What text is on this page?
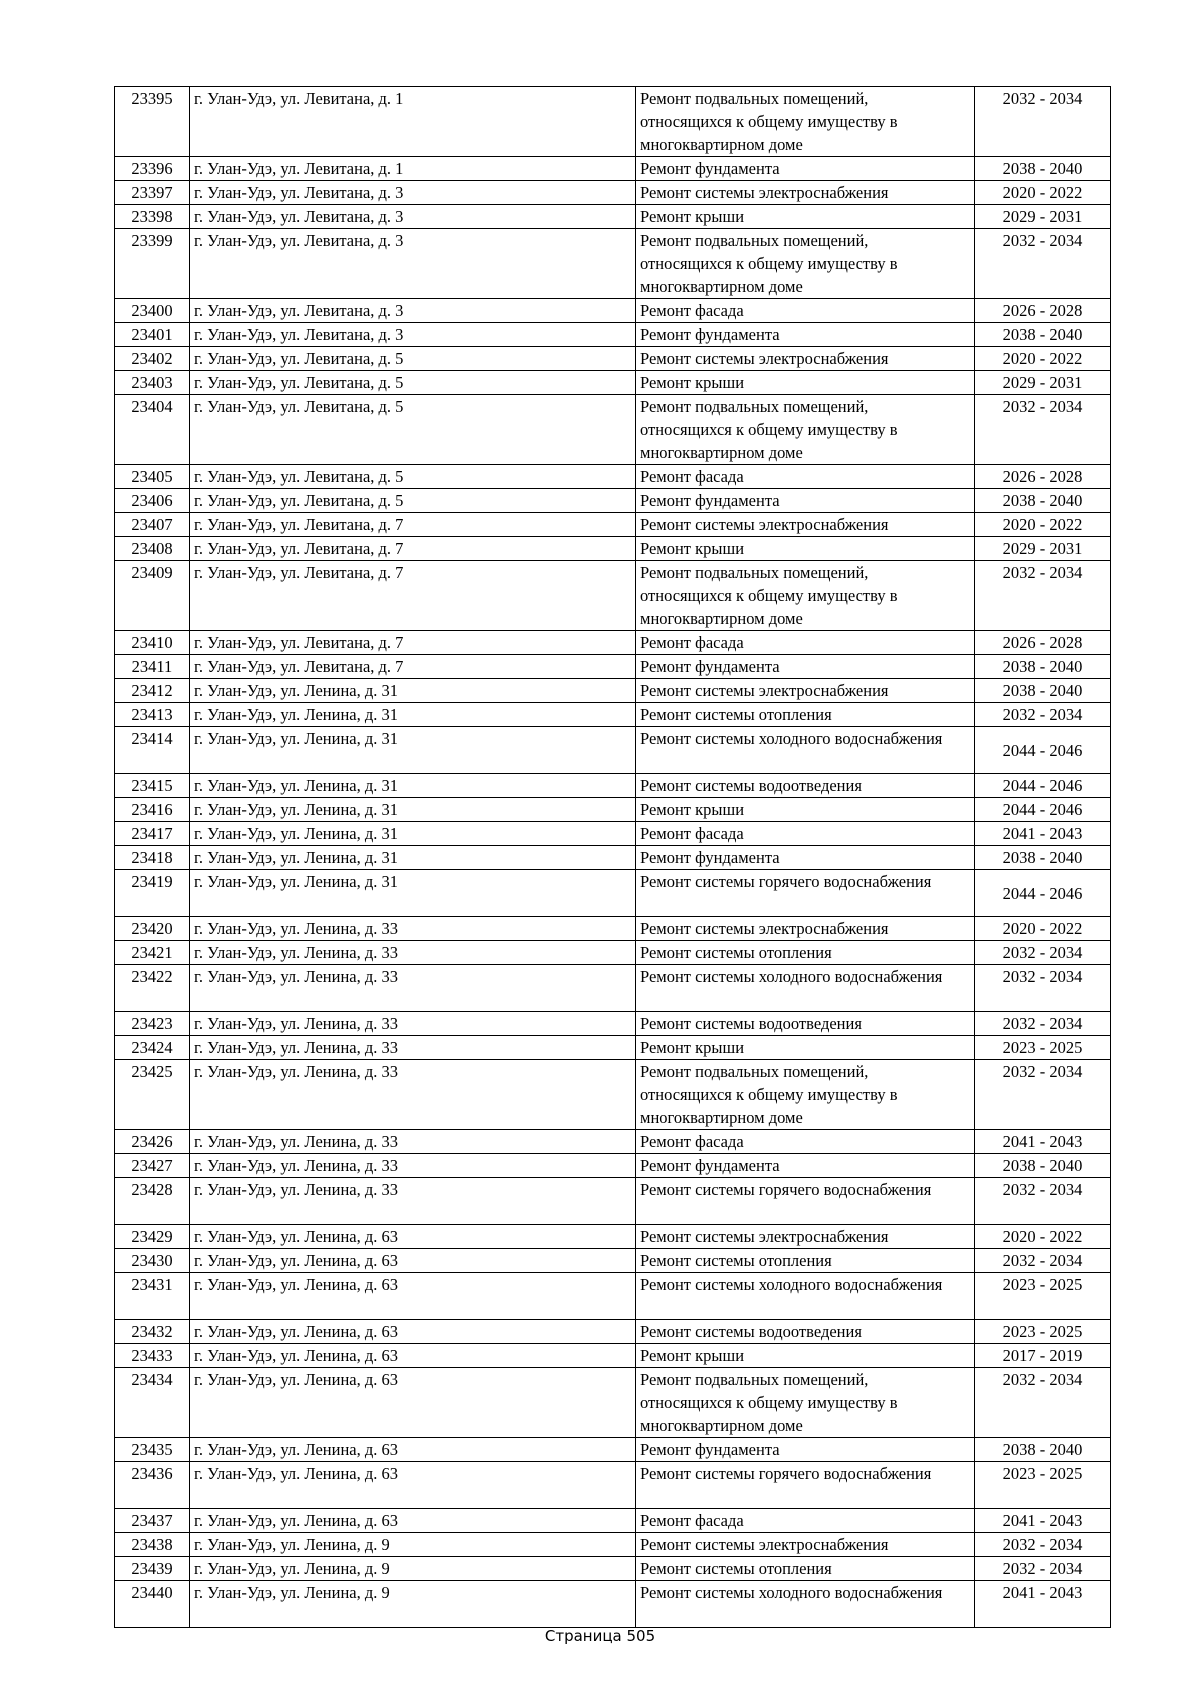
23395	г. Улан-Удэ, ул. Левитана, д. 1	Ремонт подвальных помещений,
относящихся к общему имуществу в
многоквартирном доме	2032 - 2034
23396	г. Улан-Удэ, ул. Левитана, д. 1	Ремонт фундамента	2038 - 2040
23397	г. Улан-Удэ, ул. Левитана, д. 3	Ремонт системы электроснабжения	2020 - 2022
23398	г. Улан-Удэ, ул. Левитана, д. 3	Ремонт крыши	2029 - 2031
23399	г. Улан-Удэ, ул. Левитана, д. 3	Ремонт подвальных помещений,
относящихся к общему имуществу в
многоквартирном доме	2032 - 2034
23400	г. Улан-Удэ, ул. Левитана, д. 3	Ремонт фасада	2026 - 2028
23401	г. Улан-Удэ, ул. Левитана, д. 3	Ремонт фундамента	2038 - 2040
23402	г. Улан-Удэ, ул. Левитана, д. 5	Ремонт системы электроснабжения	2020 - 2022
23403	г. Улан-Удэ, ул. Левитана, д. 5	Ремонт крыши	2029 - 2031
23404	г. Улан-Удэ, ул. Левитана, д. 5	Ремонт подвальных помещений,
относящихся к общему имуществу в
многоквартирном доме	2032 - 2034
23405	г. Улан-Удэ, ул. Левитана, д. 5	Ремонт фасада	2026 - 2028
23406	г. Улан-Удэ, ул. Левитана, д. 5	Ремонт фундамента	2038 - 2040
23407	г. Улан-Удэ, ул. Левитана, д. 7	Ремонт системы электроснабжения	2020 - 2022
23408	г. Улан-Удэ, ул. Левитана, д. 7	Ремонт крыши	2029 - 2031
23409	г. Улан-Удэ, ул. Левитана, д. 7	Ремонт подвальных помещений,
относящихся к общему имуществу в
многоквартирном доме	2032 - 2034
23410	г. Улан-Удэ, ул. Левитана, д. 7	Ремонт фасада	2026 - 2028
23411	г. Улан-Удэ, ул. Левитана, д. 7	Ремонт фундамента	2038 - 2040
23412	г. Улан-Удэ, ул. Ленина, д. 31	Ремонт системы электроснабжения	2038 - 2040
23413	г. Улан-Удэ, ул. Ленина, д. 31	Ремонт системы отопления	2032 - 2034
23414	г. Улан-Удэ, ул. Ленина, д. 31	Ремонт системы холодного водоснабжения	2044 - 2046
23415	г. Улан-Удэ, ул. Ленина, д. 31	Ремонт системы водоотведения	2044 - 2046
23416	г. Улан-Удэ, ул. Ленина, д. 31	Ремонт крыши	2044 - 2046
23417	г. Улан-Удэ, ул. Ленина, д. 31	Ремонт фасада	2041 - 2043
23418	г. Улан-Удэ, ул. Ленина, д. 31	Ремонт фундамента	2038 - 2040
23419	г. Улан-Удэ, ул. Ленина, д. 31	Ремонт системы горячего водоснабжения	2044 - 2046
23420	г. Улан-Удэ, ул. Ленина, д. 33	Ремонт системы электроснабжения	2020 - 2022
23421	г. Улан-Удэ, ул. Ленина, д. 33	Ремонт системы отопления	2032 - 2034
23422	г. Улан-Удэ, ул. Ленина, д. 33	Ремонт системы холодного водоснабжения	2032 - 2034
23423	г. Улан-Удэ, ул. Ленина, д. 33	Ремонт системы водоотведения	2032 - 2034
23424	г. Улан-Удэ, ул. Ленина, д. 33	Ремонт крыши	2023 - 2025
23425	г. Улан-Удэ, ул. Ленина, д. 33	Ремонт подвальных помещений,
относящихся к общему имуществу в
многоквартирном доме	2032 - 2034
23426	г. Улан-Удэ, ул. Ленина, д. 33	Ремонт фасада	2041 - 2043
23427	г. Улан-Удэ, ул. Ленина, д. 33	Ремонт фундамента	2038 - 2040
23428	г. Улан-Удэ, ул. Ленина, д. 33	Ремонт системы горячего водоснабжения	2032 - 2034
23429	г. Улан-Удэ, ул. Ленина, д. 63	Ремонт системы электроснабжения	2020 - 2022
23430	г. Улан-Удэ, ул. Ленина, д. 63	Ремонт системы отопления	2032 - 2034
23431	г. Улан-Удэ, ул. Ленина, д. 63	Ремонт системы холодного водоснабжения	2023 - 2025
23432	г. Улан-Удэ, ул. Ленина, д. 63	Ремонт системы водоотведения	2023 - 2025
23433	г. Улан-Удэ, ул. Ленина, д. 63	Ремонт крыши	2017 - 2019
23434	г. Улан-Удэ, ул. Ленина, д. 63	Ремонт подвальных помещений,
относящихся к общему имуществу в
многоквартирном доме	2032 - 2034
23435	г. Улан-Удэ, ул. Ленина, д. 63	Ремонт фундамента	2038 - 2040
23436	г. Улан-Удэ, ул. Ленина, д. 63	Ремонт системы горячего водоснабжения	2023 - 2025
23437	г. Улан-Удэ, ул. Ленина, д. 63	Ремонт фасада	2041 - 2043
23438	г. Улан-Удэ, ул. Ленина, д. 9	Ремонт системы электроснабжения	2032 - 2034
23439	г. Улан-Удэ, ул. Ленина, д. 9	Ремонт системы отопления	2032 - 2034
23440	г. Улан-Удэ, ул. Ленина, д. 9	Ремонт системы холодного водоснабжения	2041 - 2043
Страница 505
